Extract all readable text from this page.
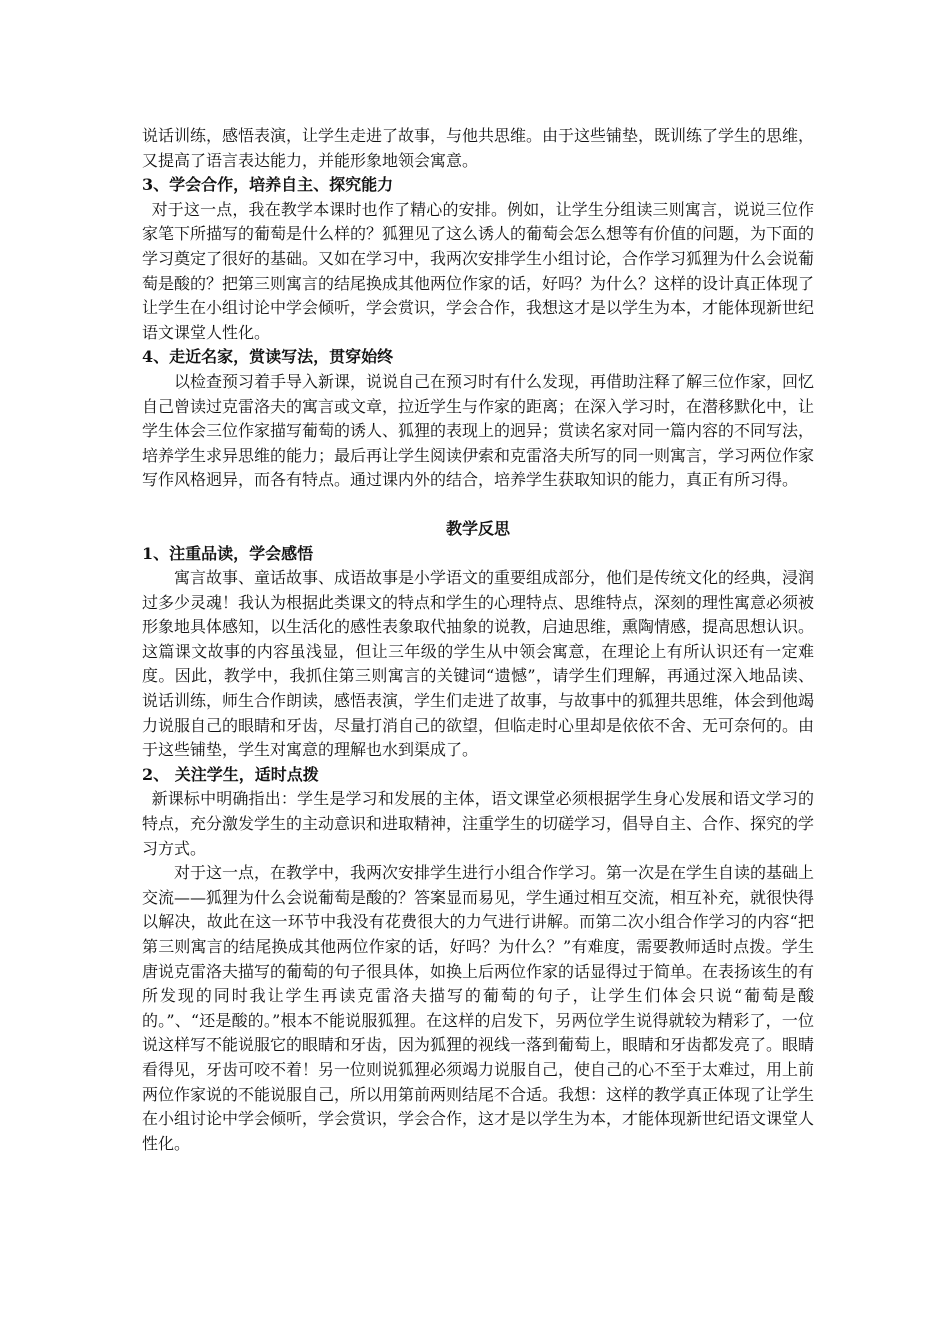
说话训练，感悟表演，让学生走进了故事，与他共思维。由于这些铺垫，既训练了学生的思维，又提高了语言表达能力，并能形象地领会寓意。

3、学会合作，培养自主、探究能力

对于这一点，我在教学本课时也作了精心的安排。例如，让学生分组读三则寓言，说说三位作家笔下所描写的葡萄是什么样的？狐狸见了这么诱人的葡萄会怎么想等有价值的问题，为下面的学习奠定了很好的基础。又如在学习中，我两次安排学生小组讨论，合作学习狐狸为什么会说葡萄是酸的？把第三则寓言的结尾换成其他两位作家的话，好吗？为什么？这样的设计真正体现了让学生在小组讨论中学会倾听，学会赏识，学会合作，我想这才是以学生为本，才能体现新世纪语文课堂人性化。

4、走近名家，赏读写法，贯穿始终

以检查预习着手导入新课，说说自己在预习时有什么发现，再借助注释了解三位作家，回忆自己曾读过克雷洛夫的寓言或文章，拉近学生与作家的距离；在深入学习时，在潜移默化中，让学生体会三位作家描写葡萄的诱人、狐狸的表现上的迥异；赏读名家对同一篇内容的不同写法，培养学生求异思维的能力；最后再让学生阅读伊索和克雷洛夫所写的同一则寓言，学习两位作家写作风格迥异，而各有特点。通过课内外的结合，培养学生获取知识的能力，真正有所习得。

教学反思

1、注重品读，学会感悟

寓言故事、童话故事、成语故事是小学语文的重要组成部分，他们是传统文化的经典，浸润过多少灵魂！我认为根据此类课文的特点和学生的心理特点、思维特点，深刻的理性寓意必须被形象地具体感知，以生活化的感性表象取代抽象的说教，启迪思维，熏陶情感，提高思想认识。这篇课文故事的内容虽浅显，但让三年级的学生从中领会寓意，在理论上有所认识还有一定难度。因此，教学中，我抓住第三则寓言的关键词“遗憾”，请学生们理解，再通过深入地品读、说话训练，师生合作朗读，感悟表演，学生们走进了故事，与故事中的狐狸共思维，体会到他竭力说服自己的眼睛和牙齿，尽量打消自己的欲望，但临走时心里却是依依不舍、无可奈何的。由于这些铺垫，学生对寓意的理解也水到渠成了。

2、 关注学生，适时点拨

新课标中明确指出：学生是学习和发展的主体，语文课堂必须根据学生身心发展和语文学习的特点，充分激发学生的主动意识和进取精神，注重学生的切磋学习，倡导自主、合作、探究的学习方式。

对于这一点，在教学中，我两次安排学生进行小组合作学习。第一次是在学生自读的基础上交流——狐狸为什么会说葡萄是酸的？答案显而易见，学生通过相互交流，相互补充，就很快得以解决，故此在这一环节中我没有花费很大的力气进行讲解。而第二次小组合作学习的内容“把第三则寓言的结尾换成其他两位作家的话，好吗？为什么？”有难度，需要教师适时点拨。学生唐说克雷洛夫描写的葡萄的句子很具体，如换上后两位作家的话显得过于简单。在表扬该生的有所发现的同时我让学生再读克雷洛夫描写的葡萄的句子，让学生们体会只说“葡萄是酸的。”、“还是酸的。”根本不能说服狐狸。在这样的启发下，另两位学生说得就较为精彩了，一位说这样写不能说服它的眼睛和牙齿，因为狐狸的视线一落到葡萄上，眼睛和牙齿都发亮了。眼睛看得见，牙齿可咬不着！另一位则说狐狸必须竭力说服自己，使自己的心不至于太难过，用上前两位作家说的不能说服自己，所以用第前两则结尾不合适。我想：这样的教学真正体现了让学生在小组讨论中学会倾听，学会赏识，学会合作，这才是以学生为本，才能体现新世纪语文课堂人性化。
